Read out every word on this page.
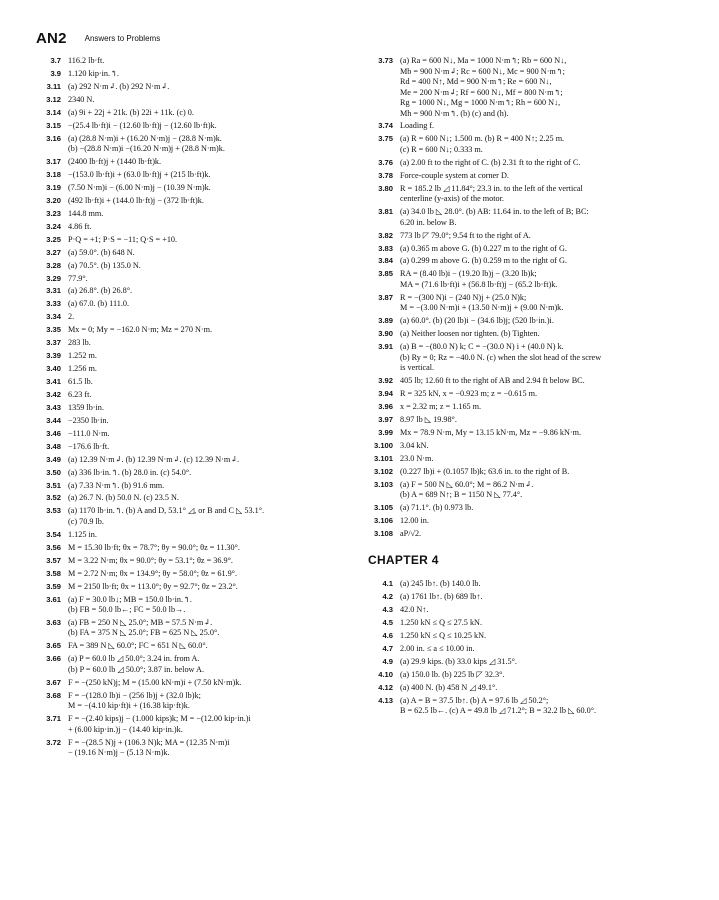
AN2 Answers to Problems
3.7 116.2 lb·ft.
3.9 1.120 kip·in.↰.
3.11 (a) 292 N·m↲. (b) 292 N·m↲.
3.12 2340 N.
3.14 (a) 9i + 22j + 21k. (b) 22i + 11k. (c) 0.
3.15 −(25.4 lb·ft)i − (12.60 lb·ft)j − (12.60 lb·ft)k.
3.16 (a) (28.8 N·m)i + (16.20 N·m)j − (28.8 N·m)k.
(b) −(28.8 N·m)i −(16.20 N·m)j + (28.8 N·m)k.
3.17 (2400 lb·ft)j + (1440 lb·ft)k.
3.18 −(153.0 lb·ft)i + (63.0 lb·ft)j + (215 lb·ft)k.
3.19 (7.50 N·m)i − (6.00 N·m)j − (10.39 N·m)k.
3.20 (492 lb·ft)i + (144.0 lb·ft)j − (372 lb·ft)k.
3.23 144.8 mm.
3.24 4.86 ft.
3.25 P·Q = +1; P·S = −11; Q·S = +10.
3.27 (a) 59.0°. (b) 648 N.
3.28 (a) 70.5°. (b) 135.0 N.
3.29 77.9°.
3.31 (a) 26.8°. (b) 26.8°.
3.33 (a) 67.0. (b) 111.0.
3.34 2.
3.35 Mx = 0; My = −162.0 N·m; Mz = 270 N·m.
3.37 283 lb.
3.39 1.252 m.
3.40 1.256 m.
3.41 61.5 lb.
3.42 6.23 ft.
3.43 1359 lb·in.
3.44 −2350 lb·in.
3.46 −111.0 N·m.
3.48 −176.6 lb·ft.
3.49 (a) 12.39 N·m↲. (b) 12.39 N·m↲. (c) 12.39 N·m↲.
3.50 (a) 336 lb·in.↰. (b) 28.0 in. (c) 54.0°.
3.51 (a) 7.33 N·m↰. (b) 91.6 mm.
3.52 (a) 26.7 N. (b) 50.0 N. (c) 23.5 N.
3.53 (a) 1170 lb·in.↰. (b) A and D, 53.1° ◿, or B and C ◺ 53.1°.
(c) 70.9 lb.
3.54 1.125 in.
3.56 M = 15.30 lb·ft; θx = 78.7°; θy = 90.0°; θz = 11.30°.
3.57 M = 3.22 N·m; θx = 90.0°; θy = 53.1°; θz = 36.9°.
3.58 M = 2.72 N·m; θx = 134.9°; θy = 58.0°; θz = 61.9°.
3.59 M = 2150 lb·ft; θx = 113.0°; θy = 92.7°; θz = 23.2°.
3.61 (a) F = 30.0 lb↓; MB = 150.0 lb·in.↰.
(b) FB = 50.0 lb←; FC = 50.0 lb→.
3.63 (a) FB = 250 N ◺ 25.0°; MB = 57.5 N·m↲.
(b) FA = 375 N ◺ 25.0°; FB = 625 N ◺ 25.0°.
3.65 FA = 389 N ◺ 60.0°; FC = 651 N ◺ 60.0°.
3.66 (a) P = 60.0 lb ◿ 50.0°; 3.24 in. from A.
(b) P = 60.0 lb ◿ 50.0°; 3.87 in. below A.
3.67 F = −(250 kN)j; M = (15.00 kN·m)i + (7.50 kN·m)k.
3.68 F = −(128.0 lb)i − (256 lb)j + (32.0 lb)k;
M = −(4.10 kip·ft)i + (16.38 kip·ft)k.
3.71 F = −(2.40 kips)j − (1.000 kips)k; M = −(12.00 kip·in.)i
+ (6.00 kip·in.)j − (14.40 kip·in.)k.
3.72 F = −(28.5 N)j + (106.3 N)k; MA = (12.35 N·m)i
− (19.16 N·m)j − (5.13 N·m)k.
3.73 (a) Ra = 600 N↓, Ma = 1000 N·m↰; Rb = 600 N↓,
Mb = 900 N·m↲; Rc = 600 N↓, Mc = 900 N·m↰;
Rd = 400 N↑, Md = 900 N·m↰; Re = 600 N↓,
Me = 200 N·m↲; Rf = 600 N↓, Mf = 800 N·m↰;
Rg = 1000 N↓, Mg = 1000 N·m↰; Rh = 600 N↓,
Mh = 900 N·m↰. (b) (c) and (h).
3.74 Loading f.
3.75 (a) R = 600 N↓; 1.500 m. (b) R = 400 N↑; 2.25 m.
(c) R = 600 N↓; 0.333 m.
3.76 (a) 2.00 ft to the right of C. (b) 2.31 ft to the right of C.
3.78 Force-couple system at corner D.
3.80 R = 185.2 lb ◿ 11.84°; 23.3 in. to the left of the vertical
centerline (y-axis) of the motor.
3.81 (a) 34.0 lb ◺ 28.0°. (b) AB: 11.64 in. to the left of B; BC:
6.20 in. below B.
3.82 773 lb ◸ 79.0°; 9.54 ft to the right of A.
3.83 (a) 0.365 m above G. (b) 0.227 m to the right of G.
3.84 (a) 0.299 m above G. (b) 0.259 m to the right of G.
3.85 RA = (8.40 lb)i − (19.20 lb)j − (3.20 lb)k;
MA = (71.6 lb·ft)i + (56.8 lb·ft)j − (65.2 lb·ft)k.
3.87 R = −(300 N)i − (240 N)j + (25.0 N)k;
M = −(3.00 N·m)i + (13.50 N·m)j + (9.00 N·m)k.
3.89 (a) 60.0°. (b) (20 lb)i − (34.6 lb)j; (520 lb·in.)i.
3.90 (a) Neither loosen nor tighten. (b) Tighten.
3.91 (a) B = −(80.0 N) k; C = −(30.0 N) i + (40.0 N) k.
(b) Ry = 0; Rz = −40.0 N. (c) when the slot head of the screw
is vertical.
3.92 405 lb; 12.60 ft to the right of AB and 2.94 ft below BC.
3.94 R = 325 kN, x = −0.923 m; z = −0.615 m.
3.96 x = 2.32 m; z = 1.165 m.
3.97 8.97 lb ◺ 19.98°.
3.99 Mx = 78.9 N·m, My = 13.15 kN·m, Mz = −9.86 kN·m.
3.100 3.04 kN.
3.101 23.0 N·m.
3.102 (0.227 lb)i + (0.1057 lb)k; 63.6 in. to the right of B.
3.103 (a) F = 500 N ◺ 60.0°; M = 86.2 N·m↲.
(b) A = 689 N↑; B = 1150 N ◺ 77.4°.
3.105 (a) 71.1°. (b) 0.973 lb.
3.106 12.00 in.
3.108 aP/√2.
CHAPTER 4
4.1 (a) 245 lb↑. (b) 140.0 lb.
4.2 (a) 1761 lb↑. (b) 689 lb↑.
4.3 42.0 N↑.
4.5 1.250 kN ≤ Q ≤ 27.5 kN.
4.6 1.250 kN ≤ Q ≤ 10.25 kN.
4.7 2.00 in. ≤ a ≤ 10.00 in.
4.9 (a) 29.9 kips. (b) 33.0 kips ◿ 31.5°.
4.10 (a) 150.0 lb. (b) 225 lb ◸ 32.3°.
4.12 (a) 400 N. (b) 458 N ◿ 49.1°.
4.13 (a) A = B = 37.5 lb↑. (b) A = 97.6 lb ◿ 50.2°;
B = 62.5 lb←. (c) A = 49.8 lb ◿ 71.2°; B = 32.2 lb ◺ 60.0°.
